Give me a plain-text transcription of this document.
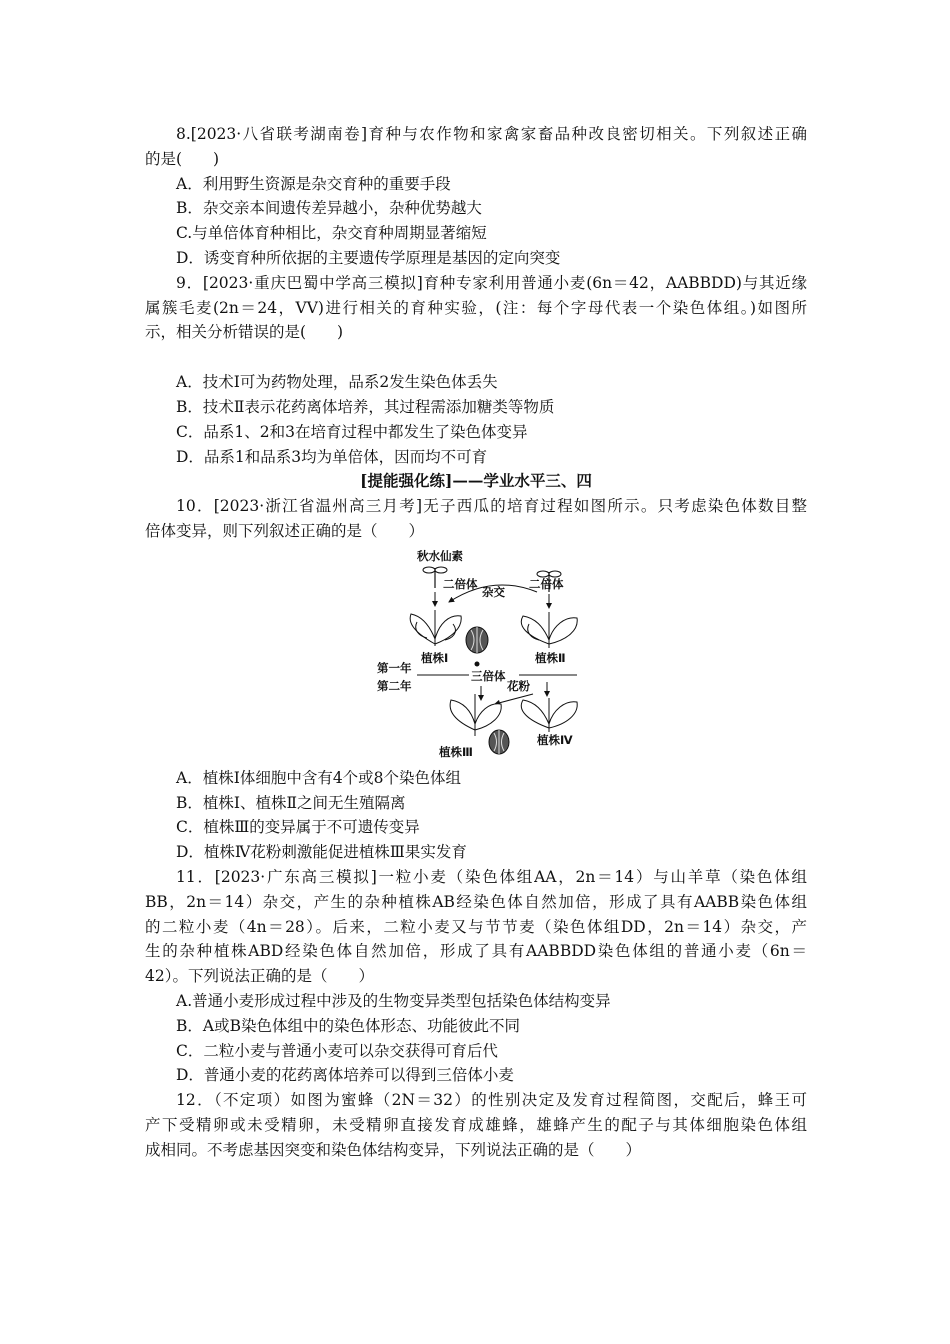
8.[2023·八省联考湖南卷]育种与农作物和家禽家畜品种改良密切相关。下列叙述正确
的是(　　)
A．利用野生资源是杂交育种的重要手段
B．杂交亲本间遗传差异越小，杂种优势越大
C.与单倍体育种相比，杂交育种周期显著缩短
D．诱变育种所依据的主要遗传学原理是基因的定向突变
9．[2023·重庆巴蜀中学高三模拟]育种专家利用普通小麦(6n＝42，AABBDD)与其近缘
属簇毛麦(2n＝24，VV)进行相关的育种实验，(注：每个字母代表一个染色体组。)如图所
示，相关分析错误的是(　　)
A．技术Ⅰ可为药物处理，品系2发生染色体丢失
B．技术Ⅱ表示花药离体培养，其过程需添加糖类等物质
C．品系1、2和3在培育过程中都发生了染色体变异
D．品系1和品系3均为单倍体，因而均不可育
[提能强化练]——学业水平三、四
10．[2023·浙江省温州高三月考]无子西瓜的培育过程如图所示。只考虑染色体数目整
倍体变异，则下列叙述正确的是（　　）
秋水仙素
二倍体
杂交
二倍体
植株Ⅰ	植株Ⅱ
第一年
第二年
三倍体
花粉
植株Ⅲ
植株Ⅳ
A．植株Ⅰ体细胞中含有4个或8个染色体组
B．植株Ⅰ、植株Ⅱ之间无生殖隔离
C．植株Ⅲ的变异属于不可遗传变异
D．植株Ⅳ花粉刺激能促进植株Ⅲ果实发育
11．[2023·广东高三模拟]一粒小麦（染色体组AA，2n＝14）与山羊草（染色体组
BB，2n＝14）杂交，产生的杂种植株AB经染色体自然加倍，形成了具有AABB染色体组
的二粒小麦（4n＝28）。后来，二粒小麦又与节节麦（染色体组DD，2n＝14）杂交，产
生的杂种植株ABD经染色体自然加倍，形成了具有AABBDD染色体组的普通小麦（6n＝
42）。下列说法正确的是（　　）
A.普通小麦形成过程中涉及的生物变异类型包括染色体结构变异
B．A或B染色体组中的染色体形态、功能彼此不同
C．二粒小麦与普通小麦可以杂交获得可育后代
D．普通小麦的花药离体培养可以得到三倍体小麦
12．（不定项）如图为蜜蜂（2N＝32）的性别决定及发育过程简图，交配后，蜂王可
产下受精卵或未受精卵，未受精卵直接发育成雄蜂，雄蜂产生的配子与其体细胞染色体组
成相同。不考虑基因突变和染色体结构变异，下列说法正确的是（　　）
